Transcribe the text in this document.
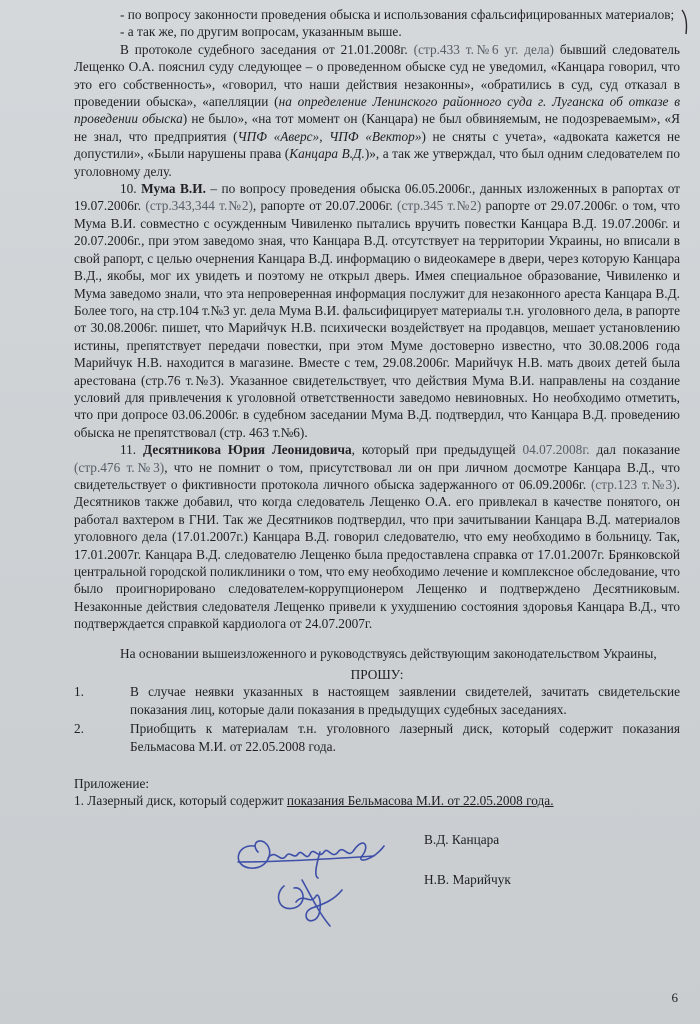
- по вопросу законности проведения обыска и использования сфальсифицированных материалов;

- а так же, по другим вопросам, указанным выше.

В протоколе судебного заседания от 21.01.2008г. (стр.433 т.№6 уг. дела) бывший следователь Лещенко О.А. пояснил суду следующее – о проведенном обыске суд не уведомил, «Канцара говорил, что это его собственность», «говорил, что наши действия незаконны», «обратились в суд, суд отказал в проведении обыска», «апелляции (на определение Ленинского районного суда г. Луганска об отказе в проведении обыска) не было», «на тот момент он (Канцара) не был обвиняемым, не подозреваемым», «Я не знал, что предприятия (ЧПФ «Аверс», ЧПФ «Вектор») не сняты с учета», «адвоката кажется не допустили», «Были нарушены права (Канцара В.Д.)», а так же утверждал, что был одним следователем по уголовному делу.

10. Мума В.И. – по вопросу проведения обыска 06.05.2006г., данных изложенных в рапортах от 19.07.2006г. (стр.343,344 т.№2), рапорте от 20.07.2006г. (стр.345 т.№2) рапорте от 29.07.2006г. о том, что Мума В.И. совместно с осужденным Чивиленко пытались вручить повестки Канцара В.Д. 19.07.2006г. и 20.07.2006г., при этом заведомо зная, что Канцара В.Д. отсутствует на территории Украины, но вписали в свой рапорт, с целью очернения Канцара В.Д. информацию о видеокамере в двери, через которую Канцара В.Д., якобы, мог их увидеть и поэтому не открыл дверь. Имея специальное образование, Чивиленко и Мума заведомо знали, что эта непроверенная информация послужит для незаконного ареста Канцара В.Д. Более того, на стр.104 т.№3 уг. дела Мума В.И. фальсифицирует материалы т.н. уголовного дела, в рапорте от 30.08.2006г. пишет, что Марийчук Н.В. психически воздействует на продавцов, мешает установлению истины, препятствует передачи повестки, при этом Муме достоверно известно, что 30.08.2006 года Марийчук Н.В. находится в магазине. Вместе с тем, 29.08.2006г. Марийчук Н.В. мать двоих детей была арестована (стр.76 т.№3). Указанное свидетельствует, что действия Мума В.И. направлены на создание условий для привлечения к уголовной ответственности заведомо невиновных. Но необходимо отметить, что при допросе 03.06.2006г. в судебном заседании Мума В.Д. подтвердил, что Канцара В.Д. проведению обыска не препятствовал (стр. 463 т.№6).

11. Десятникова Юрия Леонидовича, который при предыдущей 04.07.2008г. дал показание (стр.476 т.№3), что не помнит о том, присутствовал ли он при личном досмотре Канцара В.Д., что свидетельствует о фиктивности протокола личного обыска задержанного от 06.09.2006г. (стр.123 т.№3). Десятников также добавил, что когда следователь Лещенко О.А. его привлекал в качестве понятого, он работал вахтером в ГНИ. Так же Десятников подтвердил, что при зачитывании Канцара В.Д. материалов уголовного дела (17.01.2007г.) Канцара В.Д. говорил следователю, что ему необходимо в больницу. Так, 17.01.2007г. Канцара В.Д. следователю Лещенко была предоставлена справка от 17.01.2007г. Брянковской центральной городской поликлиники о том, что ему необходимо лечение и комплексное обследование, что было проигнорировано следователем-коррупционером Лещенко и подтверждено Десятниковым. Незаконные действия следователя Лещенко привели к ухудшению состояния здоровья Канцара В.Д., что подтверждается справкой кардиолога от 24.07.2007г.

На основании вышеизложенного и руководствуясь действующим законодательством Украины,

ПРОШУ:

1.	В случае неявки указанных в настоящем заявлении свидетелей, зачитать свидетельские показания лиц, которые дали показания в предыдущих судебных заседаниях.

2.	Приобщить к материалам т.н. уголовного лазерный диск, который содержит показания Бельмасова М.И. от 22.05.2008 года.

Приложение:

1. Лазерный диск, который содержит показания Бельмасова М.И. от 22.05.2008 года.

В.Д. Канцара
Н.В. Марийчук
6
